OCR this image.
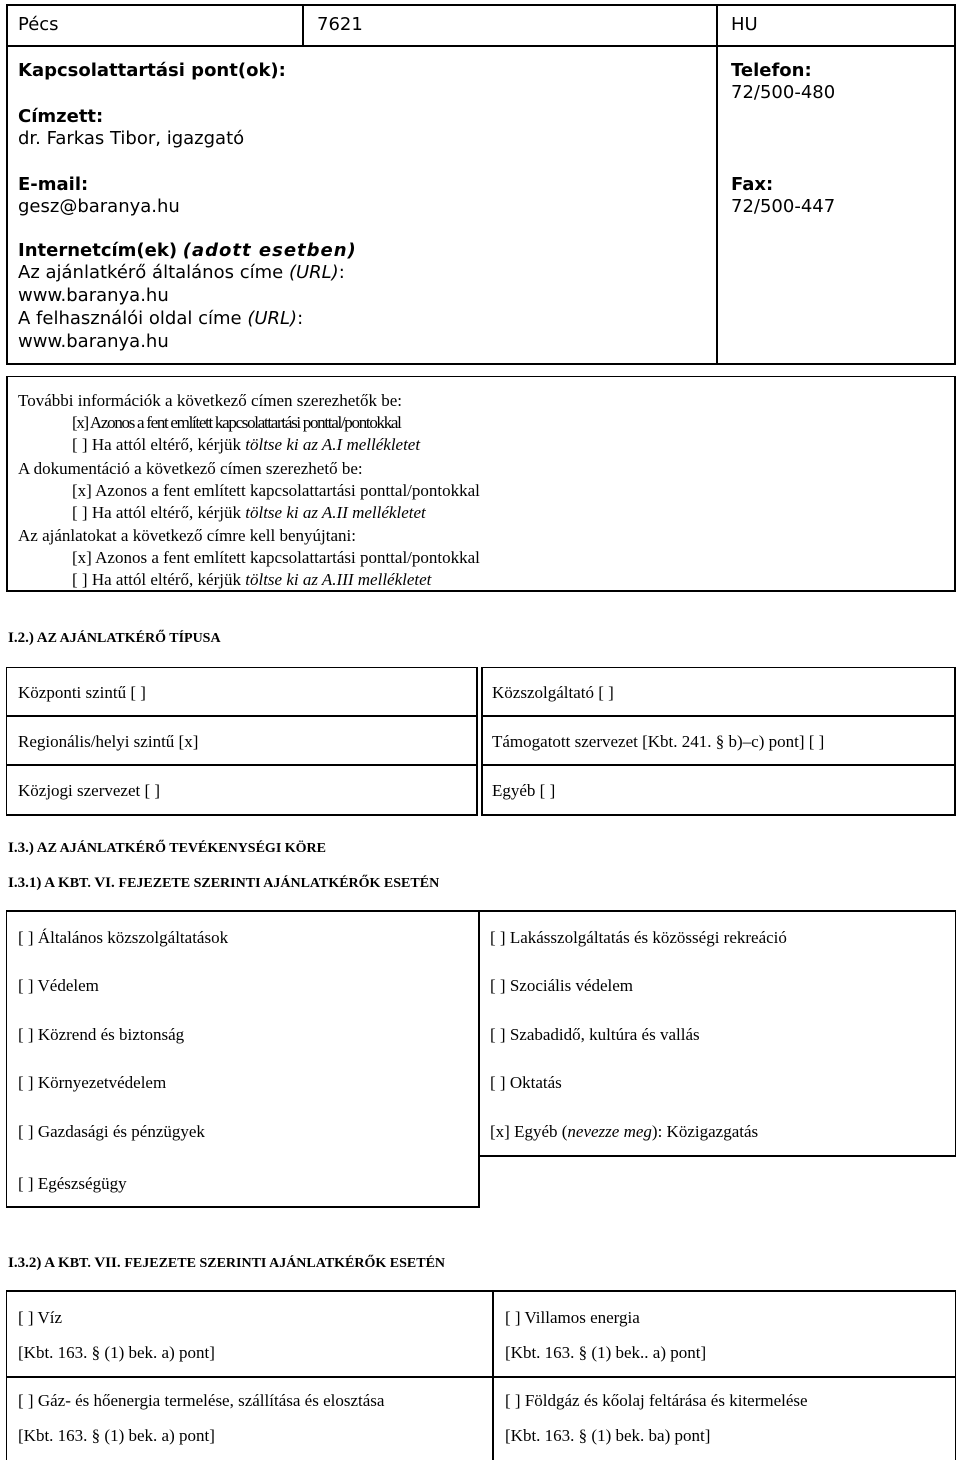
Pécs	7621	HU
Kapcsolattartási pont(ok):
Címzett:
dr. Farkas Tibor, igazgató
E-mail:
gesz@baranya.hu
Telefon:
72/500-480
Fax:
72/500-447
Internetcím(ek) (adott esetben)
Az ajánlatkérő általános címe (URL):
www.baranya.hu
A felhasználói oldal címe (URL):
www.baranya.hu
További információk a következő címen szerezhetők be:
[x] Azonos a fent említett kapcsolattartási ponttal/pontokkal
[ ] Ha attól eltérő, kérjük töltse ki az A.I mellékletet
A dokumentáció a következő címen szerezhető be:
[x] Azonos a fent említett kapcsolattartási ponttal/pontokkal
[ ] Ha attól eltérő, kérjük töltse ki az A.II mellékletet
Az ajánlatokat a következő címre kell benyújtani:
[x] Azonos a fent említett kapcsolattartási ponttal/pontokkal
[ ] Ha attól eltérő, kérjük töltse ki az A.III mellékletet
I.2.) AZ AJÁNLATKÉRŐ TÍPUSA
Központi szintű [ ]
Regionális/helyi szintű [x]
Közjogi szervezet [ ]
Közszolgáltató [ ]
Támogatott szervezet [Kbt. 241. § b)–c) pont] [ ]
Egyéb [ ]
I.3.) AZ AJÁNLATKÉRŐ TEVÉKENYSÉGI KÖRE
I.3.1) A KBT. VI. FEJEZETE SZERINTI AJÁNLATKÉRŐK ESETÉN
[ ] Általános közszolgáltatások
[ ] Védelem
[ ] Közrend és biztonság
[ ] Környezetvédelem
[ ] Gazdasági és pénzügyek
[ ] Egészségügy
[ ] Lakásszolgáltatás és közösségi rekreáció
[ ] Szociális védelem
[ ] Szabadidő, kultúra és vallás
[ ] Oktatás
[x] Egyéb (nevezze meg): Közigazgatás
I.3.2) A KBT. VII. FEJEZETE SZERINTI AJÁNLATKÉRŐK ESETÉN
[ ] Víz
[Kbt. 163. § (1) bek. a) pont]
[ ] Villamos energia
[Kbt. 163. § (1) bek.. a) pont]
[ ] Gáz- és hőenergia termelése, szállítása és elosztása
[Kbt. 163. § (1) bek. a) pont]
[ ] Földgáz és kőolaj feltárása és kitermelése
[Kbt. 163. § (1) bek. ba) pont]
